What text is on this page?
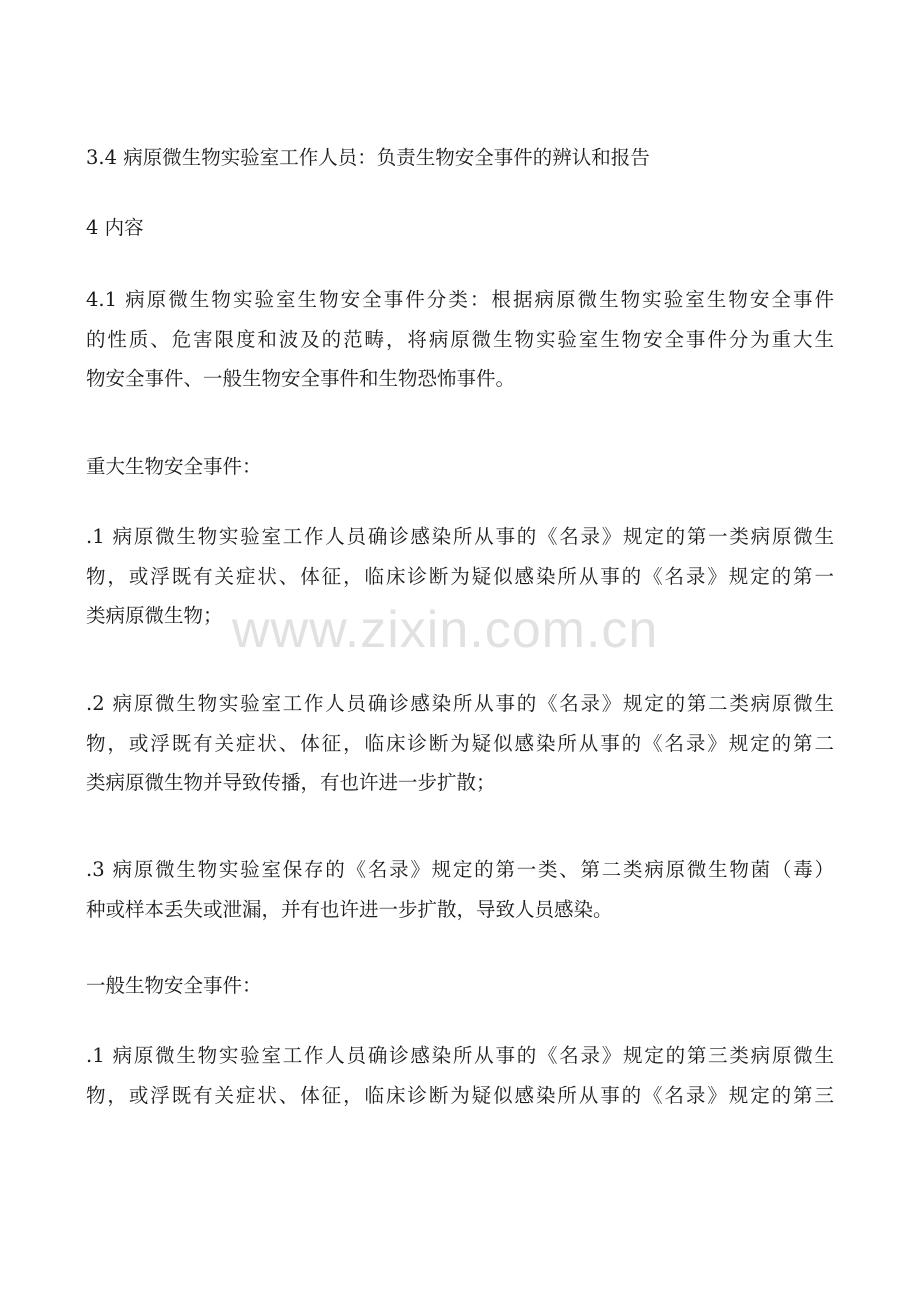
3.4 病原微生物实验室工作人员：负责生物安全事件的辨认和报告

4 内容

4.1 病原微生物实验室生物安全事件分类：根据病原微生物实验室生物安全事件
的性质、危害限度和波及的范畴，将病原微生物实验室生物安全事件分为重大生
物安全事件、一般生物安全事件和生物恐怖事件。

重大生物安全事件：

.1 病原微生物实验室工作人员确诊感染所从事的《名录》规定的第一类病原微生
物，或浮既有关症状、体征，临床诊断为疑似感染所从事的《名录》规定的第一
类病原微生物；

.2 病原微生物实验室工作人员确诊感染所从事的《名录》规定的第二类病原微生
物，或浮既有关症状、体征，临床诊断为疑似感染所从事的《名录》规定的第二
类病原微生物并导致传播，有也许进一步扩散；

.3 病原微生物实验室保存的《名录》规定的第一类、第二类病原微生物菌（毒）
种或样本丢失或泄漏，并有也许进一步扩散，导致人员感染。

一般生物安全事件：

.1 病原微生物实验室工作人员确诊感染所从事的《名录》规定的第三类病原微生
物，或浮既有关症状、体征，临床诊断为疑似感染所从事的《名录》规定的第三

www.zixin.com.cn
